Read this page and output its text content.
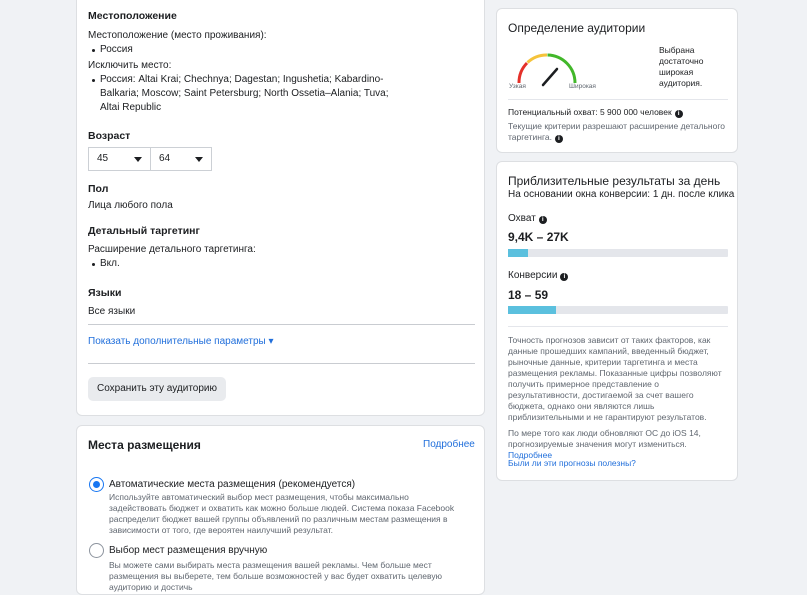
Местоположение
Местоположение (место проживания):
Россия
Исключить место:
Россия: Altai Krai; Chechnya; Dagestan; Ingushetia; Kabardino-Balkaria; Moscow; Saint Petersburg; North Ossetia–Alania; Tuva; Altai Republic
Возраст
45	64
Пол
Лица любого пола
Детальный таргетинг
Расширение детального таргетинга:
Вкл.
Языки
Все языки
Показать дополнительные параметры ▾
Сохранить эту аудиторию
Места размещения	Подробнее
Автоматические места размещения (рекомендуется)
Используйте автоматический выбор мест размещения, чтобы максимально задействовать бюджет и охватить как можно больше людей. Система показа Facebook распределит бюджет вашей группы объявлений по различным местам размещения в зависимости от того, где вероятен наилучший результат.
Выбор мест размещения вручную
Вы можете сами выбирать места размещения вашей рекламы. Чем больше мест размещения вы выберете, тем больше возможностей у вас будет охватить целевую аудиторию и достичь
Определение аудитории
Узкая	Широкая
Выбрана достаточно широкая аудитория.
Потенциальный охват: 5 900 000 человек i
Текущие критерии разрешают расширение детального таргетинга. i
Приблизительные результаты за день
На основании окна конверсии: 1 дн. после клика
Охват i
9,4K – 27K
Конверсии i
18 – 59
Точность прогнозов зависит от таких факторов, как данные прошедших кампаний, введенный бюджет, рыночные данные, критерии таргетинга и места размещения рекламы. Показанные цифры позволяют получить примерное представление о результативности, достигаемой за счет вашего бюджета, однако они являются лишь приблизительными и не гарантируют результатов.
По мере того как люди обновляют ОС до iOS 14, прогнозируемые значения могут измениться. Подробнее
Были ли эти прогнозы полезны?
